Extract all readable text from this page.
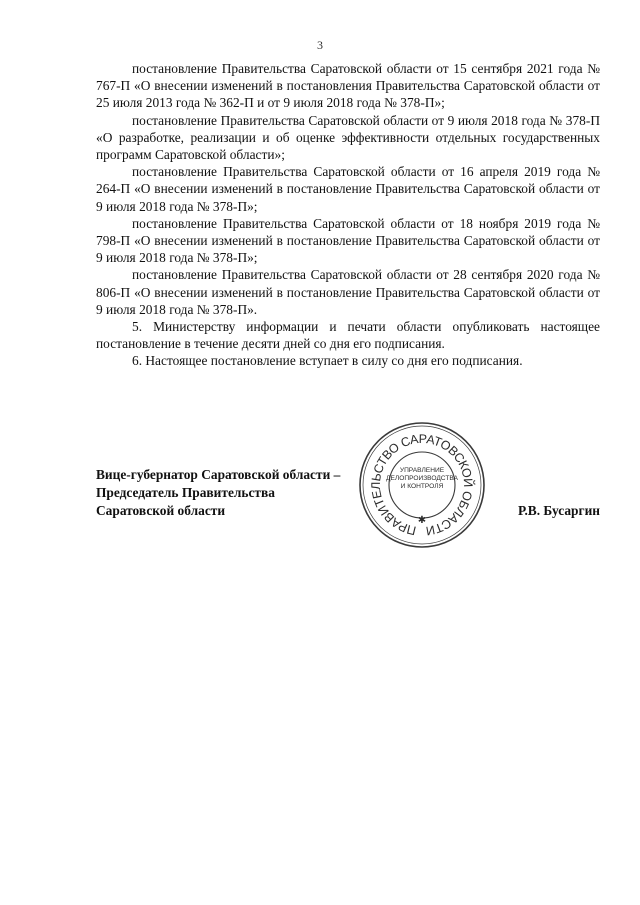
3

постановление Правительства Саратовской области от 15 сентября 2021 года № 767-П «О внесении изменений в постановления Правительства Саратовской области от 25 июля 2013 года № 362-П и от 9 июля 2018 года № 378-П»;

постановление Правительства Саратовской области от 9 июля 2018 года № 378-П «О разработке, реализации и об оценке эффективности отдельных государственных программ Саратовской области»;

постановление Правительства Саратовской области от 16 апреля 2019 года № 264-П «О внесении изменений в постановление Правительства Саратовской области от 9 июля 2018 года № 378-П»;

постановление Правительства Саратовской области от 18 ноября 2019 года № 798-П «О внесении изменений в постановление Правительства Саратовской области от 9 июля 2018 года № 378-П»;

постановление Правительства Саратовской области от 28 сентября 2020 года № 806-П «О внесении изменений в постановление Правительства Саратовской области от 9 июля 2018 года № 378-П».

5. Министерству информации и печати области опубликовать настоящее постановление в течение десяти дней со дня его подписания.

6. Настоящее постановление вступает в силу со дня его подписания.

ПРАВИТЕЛЬСТВО САРАТОВСКОЙ ОБЛАСТИ
УПРАВЛЕНИЕ
ДЕЛОПРОИЗВОДСТВА
И КОНТРОЛЯ
✱
Вице-губернатор Саратовской области –
Председатель Правительства
Саратовской области	Р.В. Бусаргин
